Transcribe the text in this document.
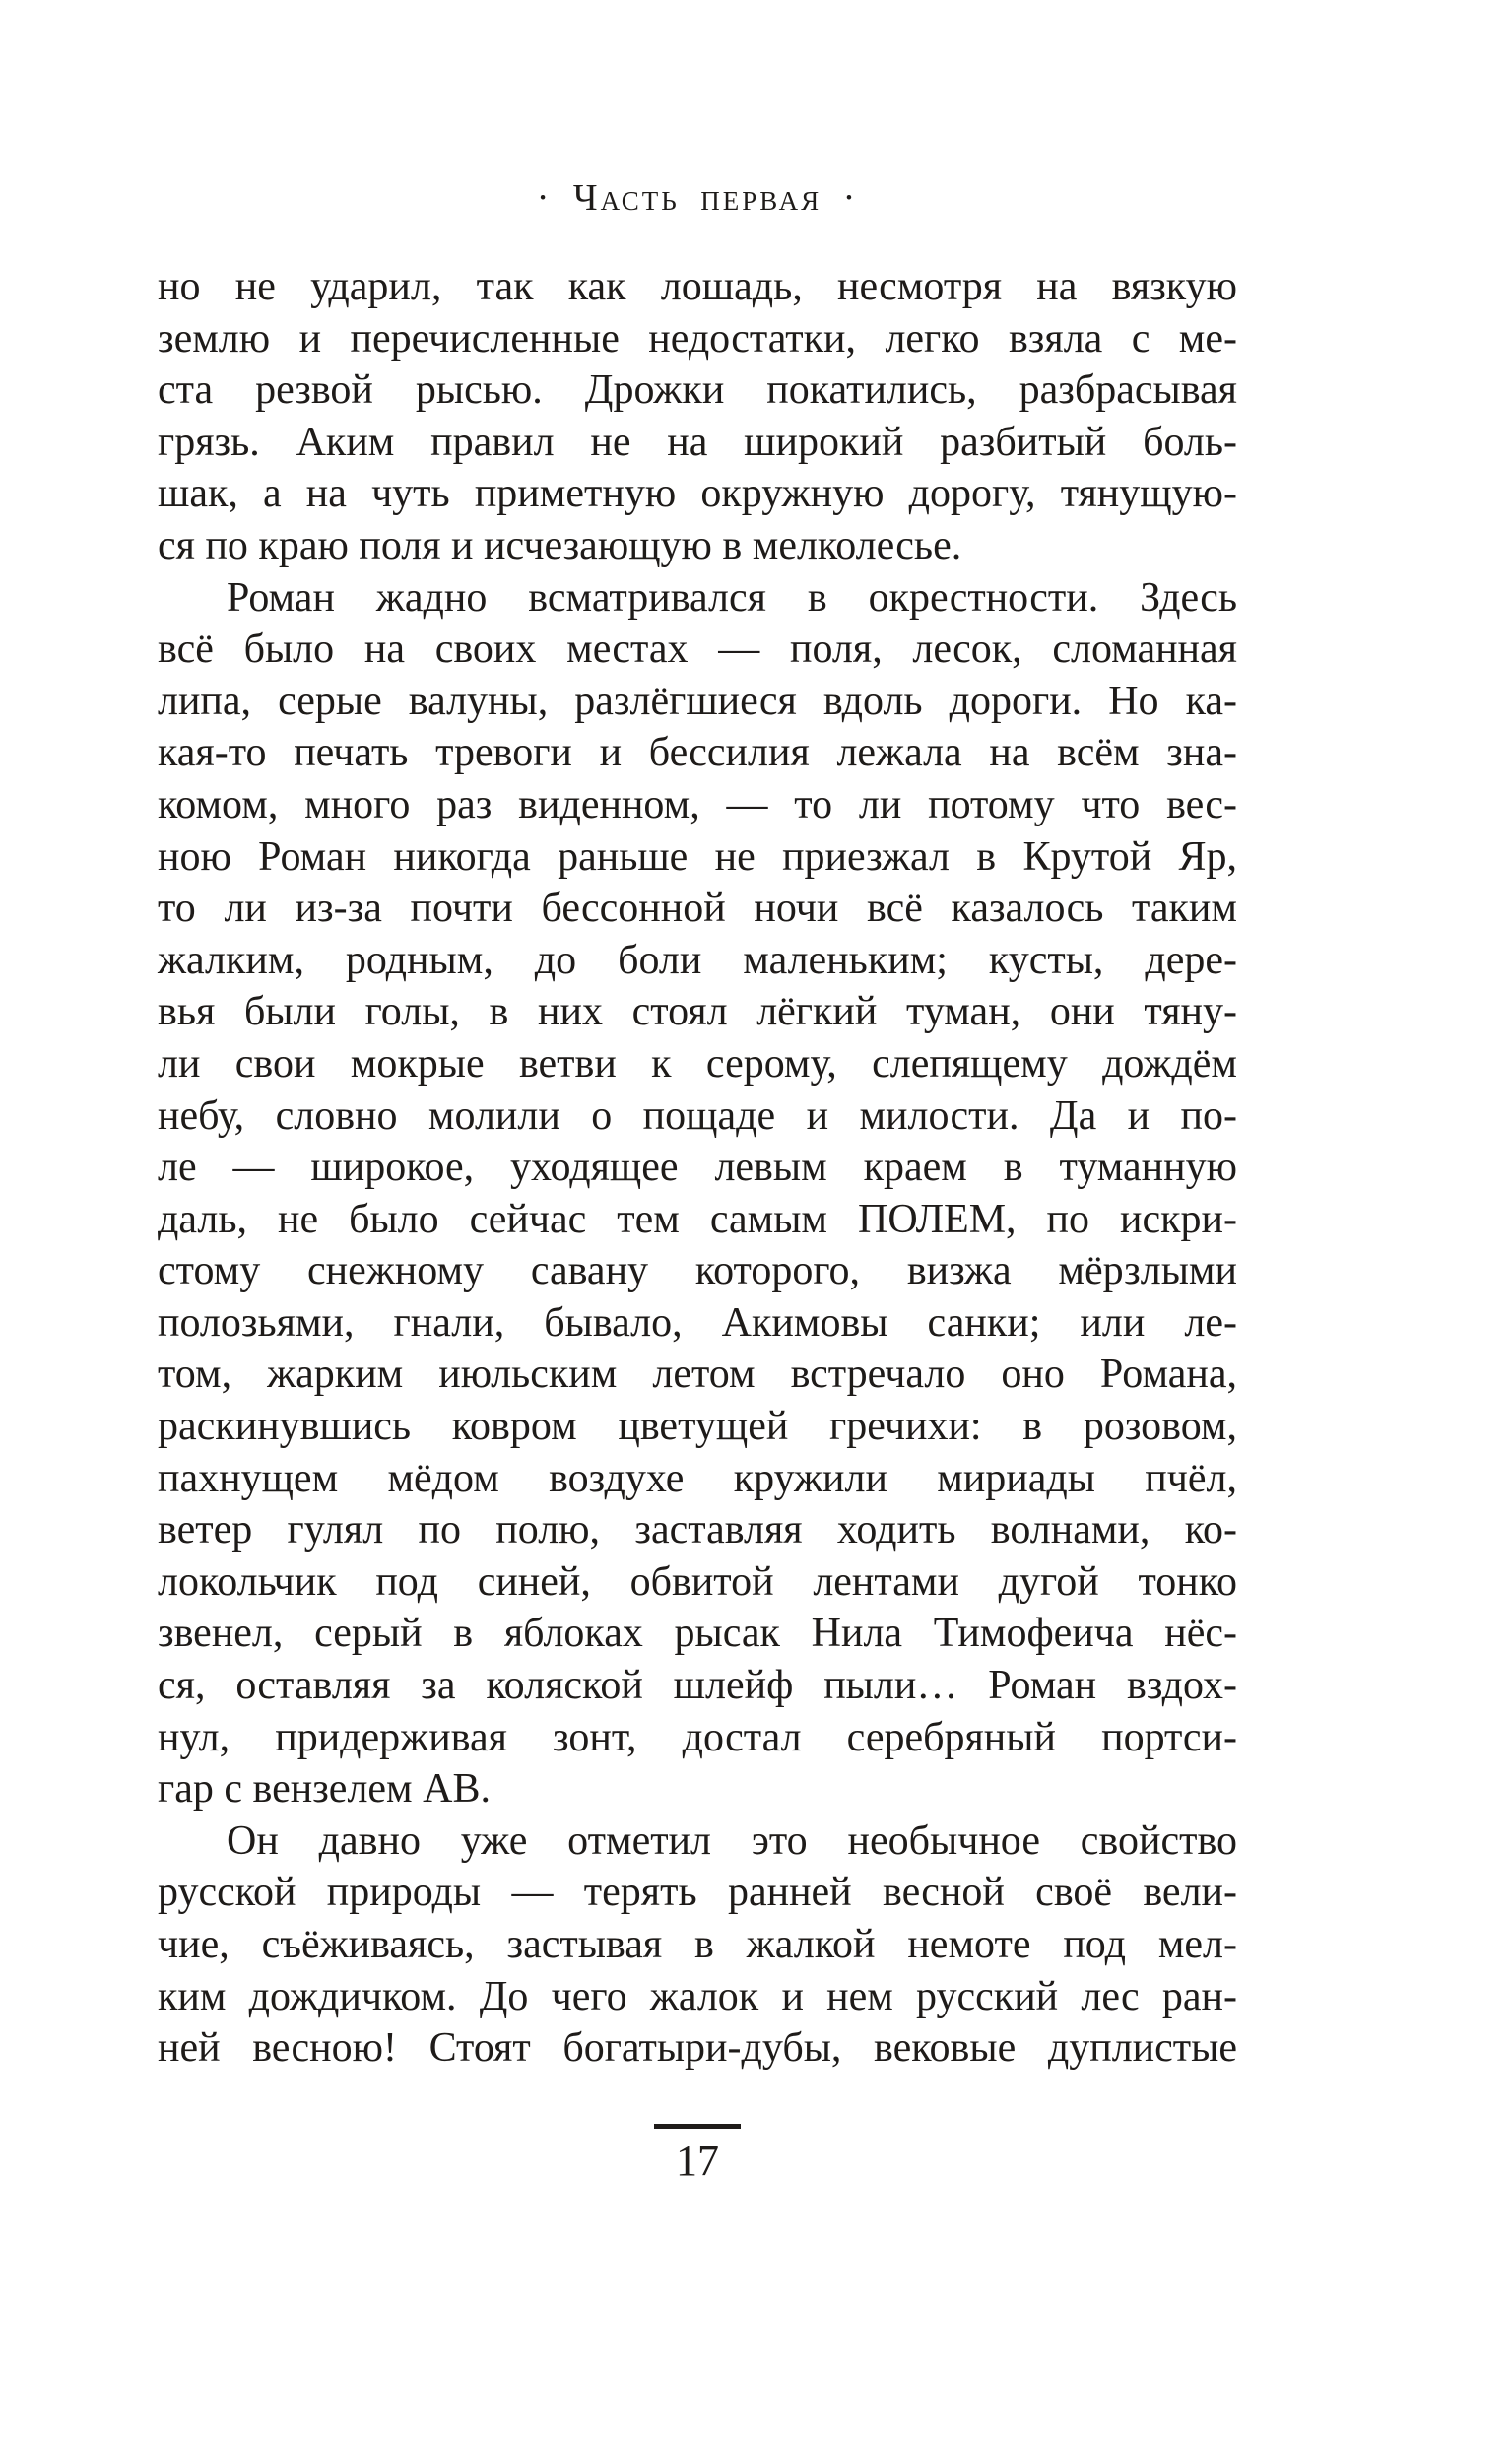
· Часть первая ·
но не ударил, так как лошадь, несмотря на вязкую
землю и перечисленные недостатки, легко взяла с ме-
ста резвой рысью. Дрожки покатились, разбрасывая
грязь. Аким правил не на широкий разбитый боль-
шак, а на чуть приметную окружную дорогу, тянущую-
ся по краю поля и исчезающую в мелколесье.
Роман жадно всматривался в окрестности. Здесь
всё было на своих местах — поля, лесок, сломанная
липа, серые валуны, разлёгшиеся вдоль дороги. Но ка-
кая-то печать тревоги и бессилия лежала на всём зна-
комом, много раз виденном, — то ли потому что вес-
ною Роман никогда раньше не приезжал в Крутой Яр,
то ли из-за почти бессонной ночи всё казалось таким
жалким, родным, до боли маленьким; кусты, дере-
вья были голы, в них стоял лёгкий туман, они тяну-
ли свои мокрые ветви к серому, слепящему дождём
небу, словно молили о пощаде и милости. Да и по-
ле — широкое, уходящее левым краем в туманную
даль, не было сейчас тем самым ПОЛЕМ, по искри-
стому снежному савану которого, визжа мёрзлыми
полозьями, гнали, бывало, Акимовы санки; или ле-
том, жарким июльским летом встречало оно Романа,
раскинувшись ковром цветущей гречихи: в розовом,
пахнущем мёдом воздухе кружили мириады пчёл,
ветер гулял по полю, заставляя ходить волнами, ко-
локольчик под синей, обвитой лентами дугой тонко
звенел, серый в яблоках рысак Нила Тимофеича нёс-
ся, оставляя за коляской шлейф пыли… Роман вздох-
нул, придерживая зонт, достал серебряный портси-
гар с вензелем АВ.
Он давно уже отметил это необычное свойство
русской природы — терять ранней весной своё вели-
чие, съёживаясь, застывая в жалкой немоте под мел-
ким дождичком. До чего жалок и нем русский лес ран-
ней весною! Стоят богатыри-дубы, вековые дуплистые
17
